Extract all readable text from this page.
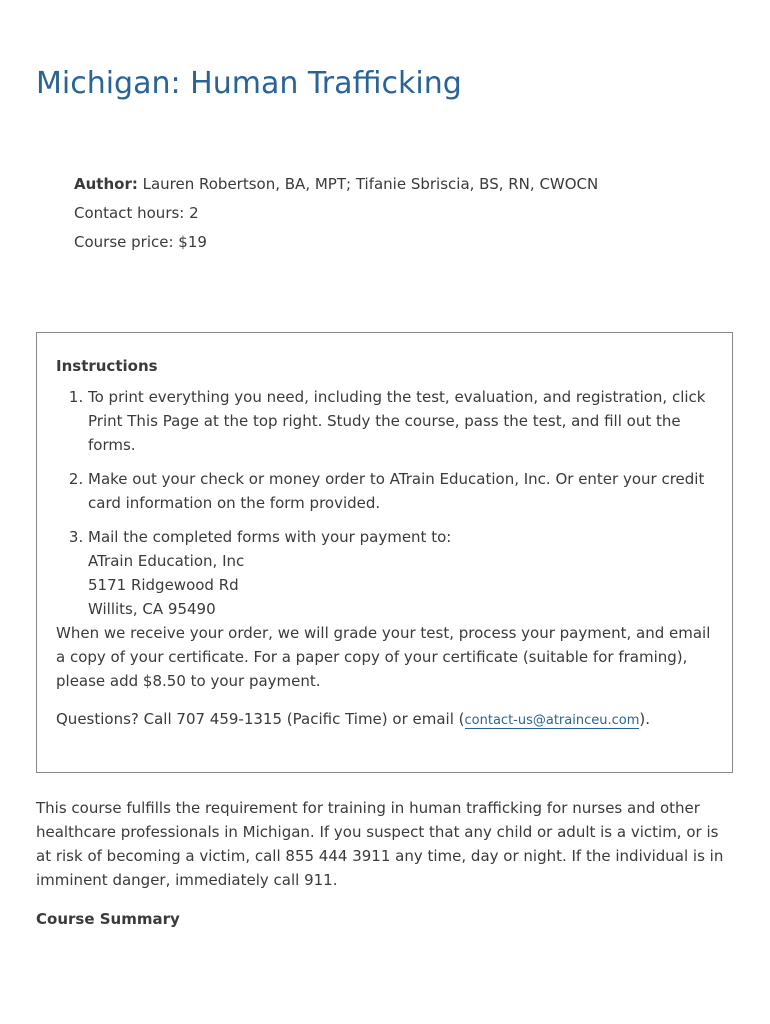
Michigan: Human Trafficking
Author: Lauren Robertson, BA, MPT; Tifanie Sbriscia, BS, RN, CWOCN
Contact hours: 2
Course price: $19

Instructions

1. To print everything you need, including the test, evaluation, and registration, click Print This Page at the top right. Study the course, pass the test, and fill out the forms.
2. Make out your check or money order to ATrain Education, Inc. Or enter your credit card information on the form provided.
3. Mail the completed forms with your payment to:
ATrain Education, Inc
5171 Ridgewood Rd
Willits, CA 95490

When we receive your order, we will grade your test, process your payment, and email a copy of your certificate. For a paper copy of your certificate (suitable for framing), please add $8.50 to your payment.

Questions? Call 707 459-1315 (Pacific Time) or email (contact-us@atrainceu.com).

This course fulfills the requirement for training in human trafficking for nurses and other healthcare professionals in Michigan. If you suspect that any child or adult is a victim, or is at risk of becoming a victim, call 855 444 3911 any time, day or night. If the individual is in imminent danger, immediately call 911.

Course Summary
